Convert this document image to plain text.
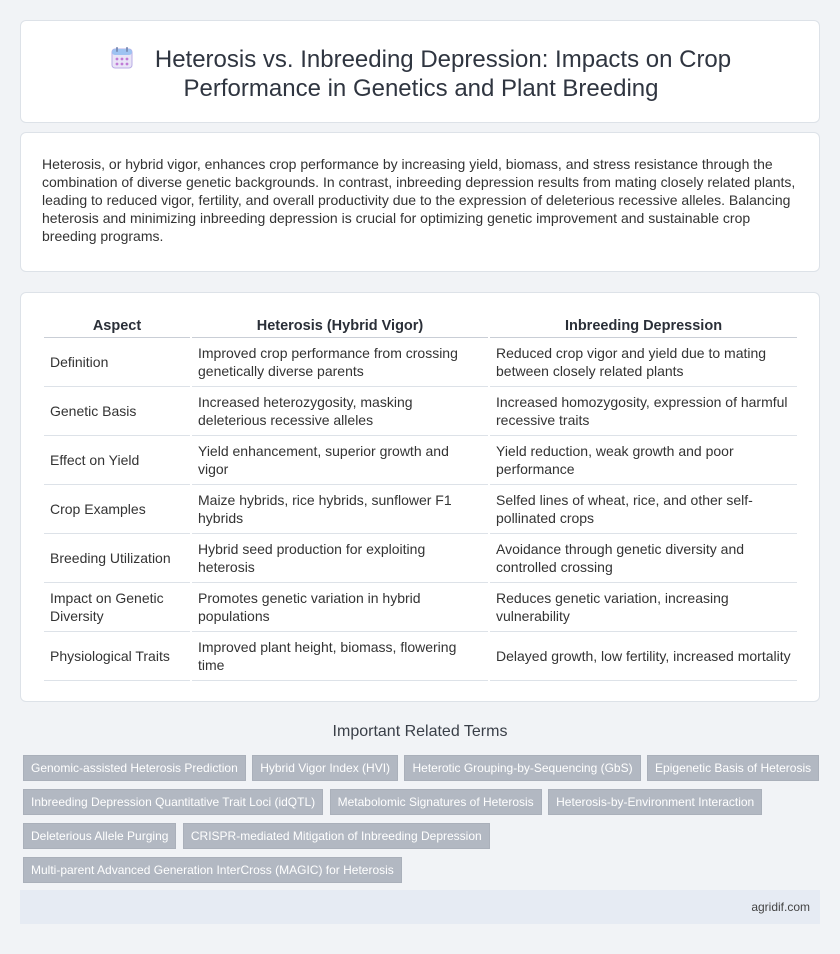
Heterosis vs. Inbreeding Depression: Impacts on Crop
Performance in Genetics and Plant Breeding

Heterosis, or hybrid vigor, enhances crop performance by increasing yield, biomass, and stress resistance through the combination of diverse genetic backgrounds. In contrast, inbreeding depression results from mating closely related plants, leading to reduced vigor, fertility, and overall productivity due to the expression of deleterious recessive alleles. Balancing heterosis and minimizing inbreeding depression is crucial for optimizing genetic improvement and sustainable crop breeding programs.

Aspect	Heterosis (Hybrid Vigor)	Inbreeding Depression
Definition	Improved crop performance from crossing genetically diverse parents	Reduced crop vigor and yield due to mating between closely related plants
Genetic Basis	Increased heterozygosity, masking deleterious recessive alleles	Increased homozygosity, expression of harmful recessive traits
Effect on Yield	Yield enhancement, superior growth and vigor	Yield reduction, weak growth and poor performance
Crop Examples	Maize hybrids, rice hybrids, sunflower F1 hybrids	Selfed lines of wheat, rice, and other self-pollinated crops
Breeding Utilization	Hybrid seed production for exploiting heterosis	Avoidance through genetic diversity and controlled crossing
Impact on Genetic Diversity	Promotes genetic variation in hybrid populations	Reduces genetic variation, increasing vulnerability
Physiological Traits	Improved plant height, biomass, flowering time	Delayed growth, low fertility, increased mortality
Important Related Terms
Genomic-assisted Heterosis Prediction Hybrid Vigor Index (HVI) Heterotic Grouping-by-Sequencing (GbS) Epigenetic Basis of Heterosis Inbreeding Depression Quantitative Trait Loci (idQTL) Metabolomic Signatures of Heterosis Heterosis-by-Environment Interaction Deleterious Allele Purging CRISPR-mediated Mitigation of Inbreeding Depression Multi-parent Advanced Generation InterCross (MAGIC) for Heterosis
agridif.com
